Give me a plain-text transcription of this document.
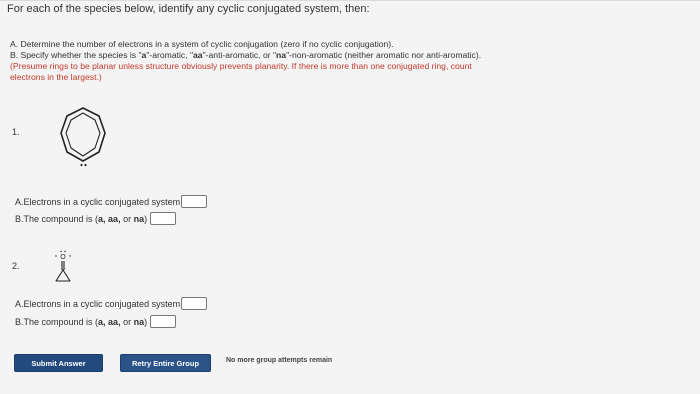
For each of the species below, identify any cyclic conjugated system, then:
A. Determine the number of electrons in a system of cyclic conjugation (zero if no cyclic conjugation).
B. Specify whether the species is "a"-aromatic, "aa"-anti-aromatic, or "na"-non-aromatic (neither aromatic nor anti-aromatic).
(Presume rings to be planar unless structure obviously prevents planarity. If there is more than one conjugated ring, count
electrons in the largest.)
1.
A.Electrons in a cyclic conjugated system
B.The compound is (a, aa, or na)
2.
O
A.Electrons in a cyclic conjugated system
B.The compound is (a, aa, or na)
Submit Answer	Retry Entire Group	No more group attempts remain
